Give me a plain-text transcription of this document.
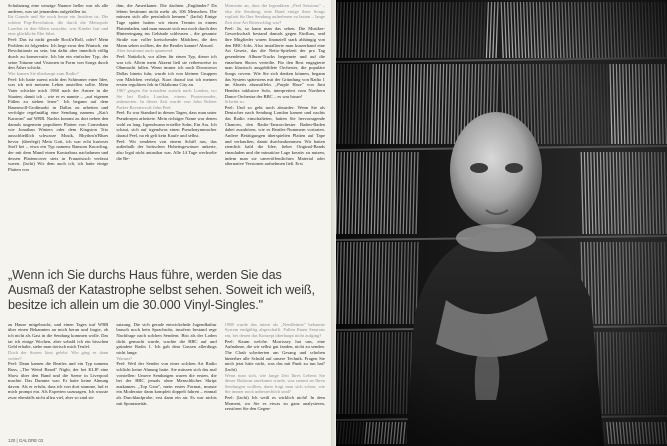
Schulanzug eine winzige Nuance heller war als alle anderen, was sie jemandem aufgefallen ist.

Ihr Grande und Sie noch heute ein Insidern ist. Die schöne Pop-Revolution, die durch die Metropole London in den 60ern rauschte, war Kinder fair und eine glückliche Ehe führt.

Peel: Das ist nicht gerade Rock'n'Roll, oder? Mein Problem ist folgendes: Ich hege zwar den Wunsch, ein Revolutionär zu sein, bin dafür aber innerlich völlig durch zu konservativ. Ich bin ein einfacher Typ, der seine Träume und Visionen in Form von Songs durch den Äther schickt.

Wie kamen Sie überhaupt zum Radio?

Peel: Ich hatte zuerst nicht den Schimmer einer Idee, was ich mit meinem Leben anstellen sollte. Mein Vater schickte mich 1960 nach der Armee in die Staaten, damit ich – wie er es nannte – „auf eigenen Füßen zu stehen lerne". Ich begann auf dem Baumwoll-Großmarkt in Dallas zu arbeiten und verfolgte regelmäßig eine Sendung namens „Kat's Karavan" auf WRR. Nachts kommt zu dort neben den damals ungemein populären Platten von Comedians wie Jonathan Winters oder dem Kingston Trio ausschließlich schwarze Musik, Rhythm'n'Blues bevor. (überlegt) Mein Gott, ich war echt kurioser Stoff bei – etwa ein Typ namens Ransom Knowling, der mit dem Mund einen Kontrabass nachahmen und dessen Plattencover stets in Französisch verfasst waren. (lacht) Wir dem auch ich, ich hatte einige Platten von

ihm, die Amerikaner. Die dachten „Engländer? Da lebten bestimmt nicht mehr als 106 Menschen. Die müssen sich alle persönlich kennen." (lacht) Einige Tage später hatten wir einen Termin in einem Plattenladen, und man musste sich nur noch durch den Hintereingang ins Gebäude schleusen – die gesamte Straße war voller kreischender Mädchen, die den Mann sehen wollten, der die Beatles kannte! Absurd.

Aber bestimmt auch spannend.

Peel: Natürlich, vor allem für einen Typ, dieser ich war ich. Allein mein Akzent ließ sie reihenweise in Ohnmacht fallen. Wenn immer ich nach Downtown Dallas hinein fuhr, wurde ich von kleinen Gruppen von Mädchen verfolgt. Kurz darauf trat ich meinen ersten regulären Job in Oklahoma City an.

1967 gingen Sie trotzdem zurück nach London, wo Sie bei Radio London, einem Piratensender, anheuerten. In dieser Zeit wurde von John Robert Parker Ravenscroft John Peel.

Peel: Es war Standard in diesen Tagen, dass man unter Pseudonym arbeitete. Mein richtiger Name war denen wohl zu lang. Irgendwann erstellte Sohn, Ein Ass. Ich schaut, sich auf irgendwas einen Pseudonymmacher darauf Peel, na eh gelt kein Kaufe und selbst.

Peel: Wir sendeten von einem Schiff aus, das außerhalb der britischen Hoheitsgewässer ankerte, also legal nicht antastbar war. Alle 14 Tage wechselte die Be-

Momente an, dass die legendären „Peel Sessions" – also die Sendung, eine Band einige ihrer Songs explizit für Ihre Sendung aufnehmen zu lassen – lange Zeit eine Art Ritterschlag war?

Peel: Ja, so kann man das sehen. Die Musiker-Gewerkschaft bestand damals gegen Einfluss, und ihre Mitglieder waren finanziell stark abhängig von den BBC-Jobs. Also installierte man kurzerhand eine Art Gesetz, das die Netto-Spielzeit der pro Tag gesendeten Album-Tracks begrenzte und auf die einzelnen Shows verteilte. Für den Rest engagierte man klassisch ausgebildete Orchester, die populäre Songs covern. Wie Sie sich denken können, begann das System spätestens mit der Gründung von Radio 1 im Abseits abzusäffeln. „Purple Haze" von Jimi Hendrix inklusive Solo, interpretiert vom Northern Dance Orchestra der BBC – es war bizarr!

Scheint so.

Peel: Und so geht noch absurder: Wenn Sie als Deutscher nach Sendung London kamen und nachts das Radio einschalteten, hatten Sie hervorragende Chancen, den Radio-Tanzorchester Baden-Baden dabei zuzuhören, wie es Beatles-Nummern vortraten. Andere Betätigungen überspielten Platten auf Tape und verkauften, damit durchzukommen. Wir hatten ziemlich bald die Idee, lieber Original-Bands einzuladen und die minutiöse Lage kreativ zu nutzen, indem man sie unveröffentlichtes Material oder alternative Versionen aufnehmen ließ. Erst

„Wenn ich Sie durchs Haus führe, werden Sie das Ausmaß der Katastrophe selbst sehen. Soweit ich weiß, besitze ich allein um die 30.000 Vinyl-Singles."

zu Hause mitgebracht, und einen Tages traf WRR über einen Bekannten an mich heran und fragte, ob ich nicht als Gast in die Sendung kommen wolle. Das tat ich einige Wochen, aber sobald ich ein bisschen Geld erhalte, siehe man tierisch mich Teufel.

Doch der Sorten lässt gelebt: Wie ging es dann weiter?

Peel: Dann kamen die Beatles und ein Typ namens Russ, „The Weird Beard" Night, der bei KLIF eine Show über den Band und die Szene in Liverpool machte. Das Dumme war: Er hatte keine Ahnung davon. Als er erfuhr, dass ich von dort stamme, lud er mich prompt ein. Als Experten sozusagen. Ich wusste zwar ebenfalls nicht allzu viel, aber so sind sie

satzung. Die sich gerade entwickelnde Jugendkultur brauch noch kein Sprachrohr, insofern bestand rege Nachfrage nach solchen Sendern. Bist als der Loden dicht gemacht wurde, wachte die BBC auf und gründete Radio 1. Ich gab dem Gassen allerdings nicht lange.

Warum?

Peel: Weil der Sender von einer solchen Art Radio schlicht keine Ahnung hatte. Sie müssen sich das mal vorstellen: Unsere Sendungen waren die ersten, die bei der BBC jemals ohne Menschliches Skript auskamen. „Top Gear", mein erstes Format, musste ein Moderator dann komplett doppelt fahren – einmal als Durchlaufprobe, erst dann ein air. Es war nichts mit Spontaneität.

1988 wurde das intern als „Needletime" bekannte System endgültig abgeschafft. Fallen Ihnen Sessions ein, bei denen das Konzept überhaupt nicht aufging?

Peel: Kaum welche. Morrissey hat uns, eine Aufnahme, die wir selbst gut fanden, nicht zu senden. The Clash scheiterten am Gesang und schoben hinterher alle Schuld auf unsere Technik. Fragen Sie mich jetzt bitte nicht, was das mit Punk zu tun hat? (lacht)

Wenn man sich, wie lange Zeit Ihres Lebens Sie dieser Rubrum anerkannt wurde, was rammt an Ihren Sendungen wollten, dann fragt man sich schon, wie Sie immer noch unbestechlich sind?

Peel: (lacht) Ich weiß es wirklich nicht! In dem Moment, wo Sie es etwas zu ganz analysieren, zerstören Sie den Gegen-

120 | GALORE 02
